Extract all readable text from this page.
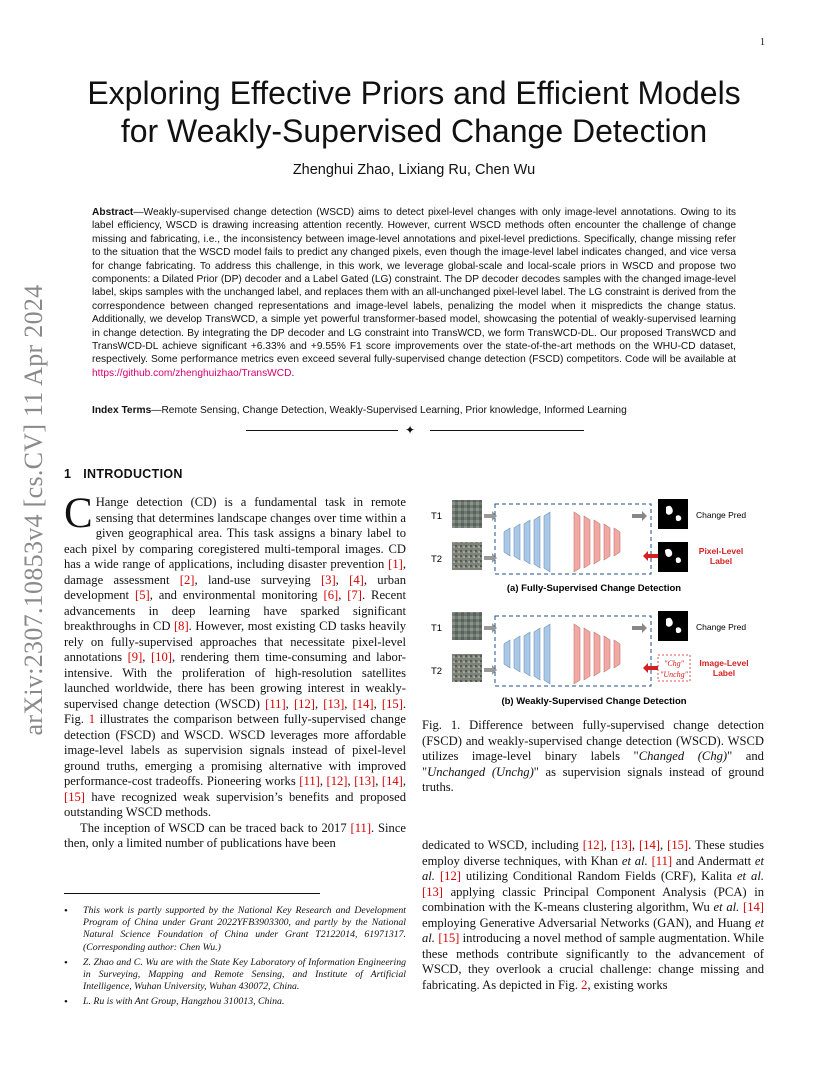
1
arXiv:2307.10853v4 [cs.CV] 11 Apr 2024
Exploring Effective Priors and Efficient Models
for Weakly-Supervised Change Detection
Zhenghui Zhao, Lixiang Ru, Chen Wu
Abstract—Weakly-supervised change detection (WSCD) aims to detect pixel-level changes with only image-level annotations. Owing to its label efficiency, WSCD is drawing increasing attention recently. However, current WSCD methods often encounter the challenge of change missing and fabricating, i.e., the inconsistency between image-level annotations and pixel-level predictions. Specifically, change missing refer to the situation that the WSCD model fails to predict any changed pixels, even though the image-level label indicates changed, and vice versa for change fabricating. To address this challenge, in this work, we leverage global-scale and local-scale priors in WSCD and propose two components: a Dilated Prior (DP) decoder and a Label Gated (LG) constraint. The DP decoder decodes samples with the changed image-level label, skips samples with the unchanged label, and replaces them with an all-unchanged pixel-level label. The LG constraint is derived from the correspondence between changed representations and image-level labels, penalizing the model when it mispredicts the change status. Additionally, we develop TransWCD, a simple yet powerful transformer-based model, showcasing the potential of weakly-supervised learning in change detection. By integrating the DP decoder and LG constraint into TransWCD, we form TransWCD-DL. Our proposed TransWCD and TransWCD-DL achieve significant +6.33% and +9.55% F1 score improvements over the state-of-the-art methods on the WHU-CD dataset, respectively. Some performance metrics even exceed several fully-supervised change detection (FSCD) competitors. Code will be available at https://github.com/zhenghuizhao/TransWCD.
Index Terms—Remote Sensing, Change Detection, Weakly-Supervised Learning, Prior knowledge, Informed Learning
✦
1 INTRODUCTION

C Hange detection (CD) is a fundamental task in remote sensing that determines landscape changes over time within a given geographical area. This task assigns a binary label to each pixel by comparing coregistered multi-temporal images. CD has a wide range of applications, including disaster prevention [1], damage assessment [2], land-use surveying [3], [4], urban development [5], and environmental monitoring [6], [7]. Recent advancements in deep learning have sparked significant breakthroughs in CD [8]. However, most existing CD tasks heavily rely on fully-supervised approaches that necessitate pixel-level annotations [9], [10], rendering them time-consuming and labor-intensive. With the proliferation of high-resolution satellites launched worldwide, there has been growing interest in weakly-supervised change detection (WSCD) [11], [12], [13], [14], [15]. Fig. 1 illustrates the comparison between fully-supervised change detection (FSCD) and WSCD. WSCD leverages more affordable image-level labels as supervision signals instead of pixel-level ground truths, emerging a promising alternative with improved performance-cost tradeoffs. Pioneering works [11], [12], [13], [14], [15] have recognized weak supervision’s benefits and proposed outstanding WSCD methods.

The inception of WSCD can be traced back to 2017 [11]. Since then, only a limited number of publications have been

• This work is partly supported by the National Key Research and Development Program of China under Grant 2022YFB3903300, and partly by the National Natural Science Foundation of China under Grant T2122014, 61971317. (Corresponding author: Chen Wu.)
• Z. Zhao and C. Wu are with the State Key Laboratory of Information Engineering in Surveying, Mapping and Remote Sensing, and Institute of Artificial Intelligence, Wuhan University, Wuhan 430072, China.
• L. Ru is with Ant Group, Hangzhou 310013, China.
T1
T2
Change Pred
Pixel-Level
Label
(a) Fully-Supervised Change Detection
T1
T2
Change Pred
"Chg"
"Unchg"
Image-Level
Label
(b) Weakly-Supervised Change Detection
Fig. 1. Difference between fully-supervised change detection (FSCD) and weakly-supervised change detection (WSCD). WSCD utilizes image-level binary labels "Changed (Chg)" and "Unchanged (Unchg)" as supervision signals instead of ground truths.

dedicated to WSCD, including [12], [13], [14], [15]. These studies employ diverse techniques, with Khan et al. [11] and Andermatt et al. [12] utilizing Conditional Random Fields (CRF), Kalita et al. [13] applying classic Principal Component Analysis (PCA) in combination with the K-means clustering algorithm, Wu et al. [14] employing Generative Adversarial Networks (GAN), and Huang et al. [15] introducing a novel method of sample augmentation. While these methods contribute significantly to the advancement of WSCD, they overlook a crucial challenge: change missing and fabricating. As depicted in Fig. 2, existing works
